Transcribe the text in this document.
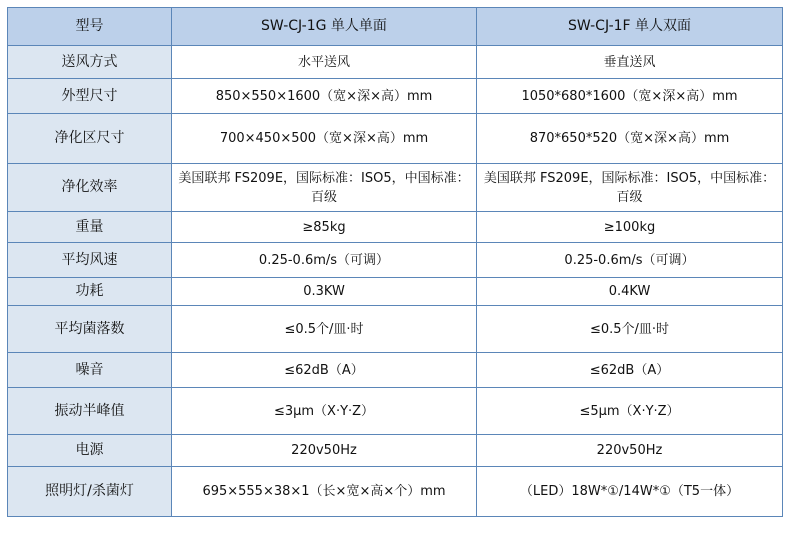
型号	SW-CJ-1G 单人单面	SW-CJ-1F 单人双面
送风方式	水平送风	垂直送风
外型尺寸	850×550×1600（宽×深×高）mm	1050*680*1600（宽×深×高）mm
净化区尺寸	700×450×500（宽×深×高）mm	870*650*520（宽×深×高）mm
净化效率	美国联邦 FS209E，国际标准：ISO5，中国标准：百级	美国联邦 FS209E，国际标准：ISO5，中国标准：百级
重量	≥85kg	≥100kg
平均风速	0.25-0.6m/s（可调）	0.25-0.6m/s（可调）
功耗	0.3KW	0.4KW
平均菌落数	≤0.5个/皿·时	≤0.5个/皿·时
噪音	≤62dB（A）	≤62dB（A）
振动半峰值	≤3μm（X·Y·Z）	≤5μm（X·Y·Z）
电源	220v50Hz	220v50Hz
照明灯/杀菌灯	695×555×38×1（长×宽×高×个）mm	（LED）18W*①/14W*①（T5一体）
